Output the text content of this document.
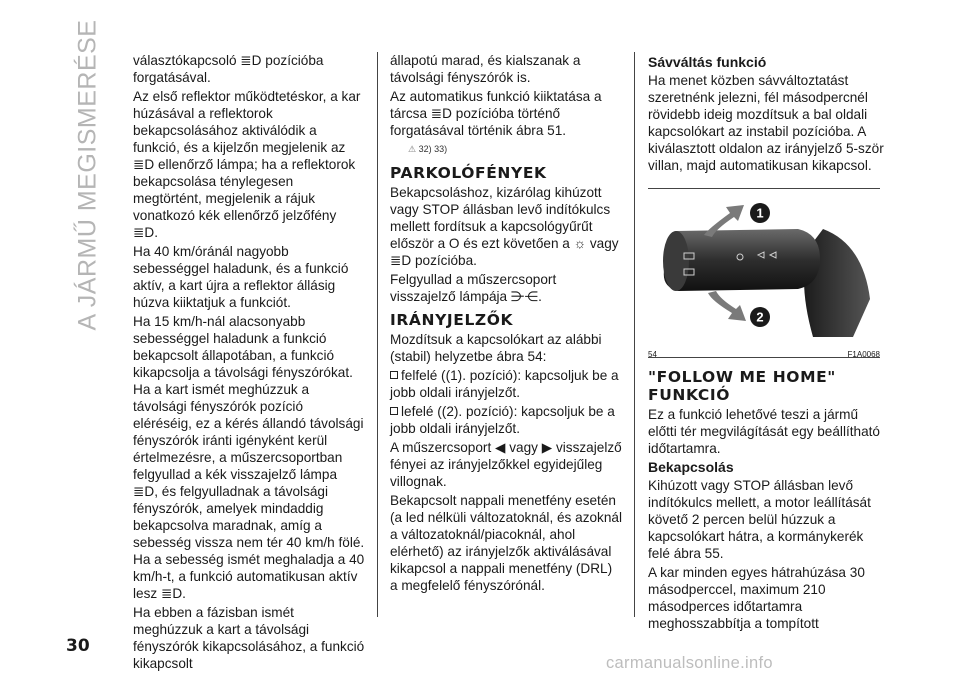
A JÁRMŰ MEGISMERÉSE választókapcsoló ≣D pozícióba forgatásával.

Az első reflektor működtetéskor, a kar húzásával a reflektorok bekapcsolásához aktiválódik a funkció, és a kijelzőn megjelenik az ≣D ellenőrző lámpa; ha a reflektorok bekapcsolása ténylegesen megtörtént, megjelenik a rájuk vonatkozó kék ellenőrző jelzőfény ≣D.

Ha 40 km/óránál nagyobb sebességgel haladunk, és a funkció aktív, a kart újra a reflektor állásig húzva kiiktatjuk a funkciót.

Ha 15 km/h-nál alacsonyabb sebességgel haladunk a funkció bekapcsolt állapotában, a funkció kikapcsolja a távolsági fényszórókat. Ha a kart ismét meghúzzuk a távolsági fényszórók pozíció eléréséig, ez a kérés állandó távolsági fényszórók iránti igényként kerül értelmezésre, a műszercsoportban felgyullad a kék visszajelző lámpa ≣D, és felgyulladnak a távolsági fényszórók, amelyek mindaddig bekapcsolva maradnak, amíg a sebesség vissza nem tér 40 km/h fölé. Ha a sebesség ismét meghaladja a 40 km/h-t, a funkció automatikusan aktív lesz ≣D.

Ha ebben a fázisban ismét meghúzzuk a kart a távolsági fényszórók kikapcsolásához, a funkció kikapcsolt

állapotú marad, és kialszanak a távolsági fényszórók is.

Az automatikus funkció kiiktatása a tárcsa ≣D pozícióba történő forgatásával történik ábra 51.

⚠ 32) 33)
PARKOLÓFÉNYEK

Bekapcsoláshoz, kizárólag kihúzott vagy STOP állásban levő indítókulcs mellett fordítsuk a kapcsológyűrűt először a O és ezt követően a ☼ vagy ≣D pozícióba.

Felgyullad a műszercsoport visszajelző lámpája ⋺⋲.

IRÁNYJELZŐK

Mozdítsuk a kapcsolókart az alábbi (stabil) helyzetbe ábra 54:

felfelé ((1). pozíció): kapcsoljuk be a jobb oldali irányjelzőt.

lefelé ((2). pozíció): kapcsoljuk be a jobb oldali irányjelzőt.

A műszercsoport ◀ vagy ▶ visszajelző fényei az irányjelzőkkel egyidejűleg villognak.

Bekapcsolt nappali menetfény esetén (a led nélküli változatoknál, és azoknál a változatoknál/piacoknál, ahol elérhető) az irányjelzők aktiválásával kikapcsol a nappali menetfény (DRL) a megfelelő fényszórónál.

Sávváltás funkció

Ha menet közben sávváltoztatást szeretnénk jelezni, fél másodpercnél rövidebb ideig mozdítsuk a bal oldali kapcsolókart az instabil pozícióba. A kiválasztott oldalon az irányjelző 5-ször villan, majd automatikusan kikapcsol.

1
2
54	F1A0068
"FOLLOW ME HOME" FUNKCIÓ

Ez a funkció lehetővé teszi a jármű előtti tér megvilágítását egy beállítható időtartamra.

Bekapcsolás

Kihúzott vagy STOP állásban levő indítókulcs mellett, a motor leállítását követő 2 percen belül húzzuk a kapcsolókart hátra, a kormánykerék felé ábra 55.

A kar minden egyes hátrahúzása 30 másodperccel, maximum 210 másodperces időtartamra meghosszabbítja a tompított

30
carmanualsonline.info
